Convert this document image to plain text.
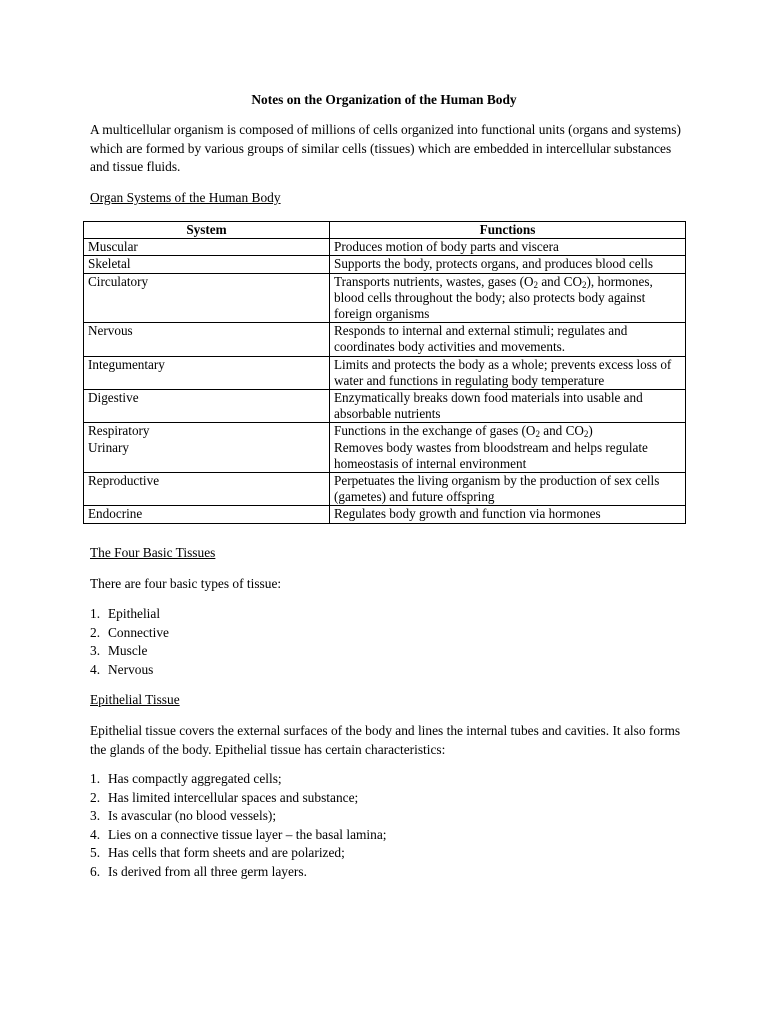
Notes on the Organization of the Human Body
A multicellular organism is composed of millions of cells organized into functional units (organs and systems) which are formed by various groups of similar cells (tissues) which are embedded in intercellular substances and tissue fluids.
Organ Systems of the Human Body
System	Functions
Muscular	Produces motion of body parts and viscera
Skeletal	Supports the body, protects organs, and produces blood cells
Circulatory	Transports nutrients, wastes, gases ($O_2$ and $CO_2$), hormones, blood cells throughout the body; also protects body against foreign organisms
Nervous	Responds to internal and external stimuli; regulates and coordinates body activities and movements.
Integumentary	Limits and protects the body as a whole; prevents excess loss of water and functions in regulating body temperature
Digestive	Enzymatically breaks down food materials into usable and absorbable nutrients
Respiratory	Functions in the exchange of gases ($O_2$ and $CO_2$)
Urinary	Removes body wastes from bloodstream and helps regulate homeostasis of internal environment
Reproductive	Perpetuates the living organism by the production of sex cells (gametes) and future offspring
Endocrine	Regulates body growth and function via hormones
The Four Basic Tissues
There are four basic types of tissue:
1. Epithelial
2. Connective
3. Muscle
4. Nervous
Epithelial Tissue
Epithelial tissue covers the external surfaces of the body and lines the internal tubes and cavities. It also forms the glands of the body. Epithelial tissue has certain characteristics:
1. Has compactly aggregated cells;
2. Has limited intercellular spaces and substance;
3. Is avascular (no blood vessels);
4. Lies on a connective tissue layer – the basal lamina;
5. Has cells that form sheets and are polarized;
6. Is derived from all three germ layers.
